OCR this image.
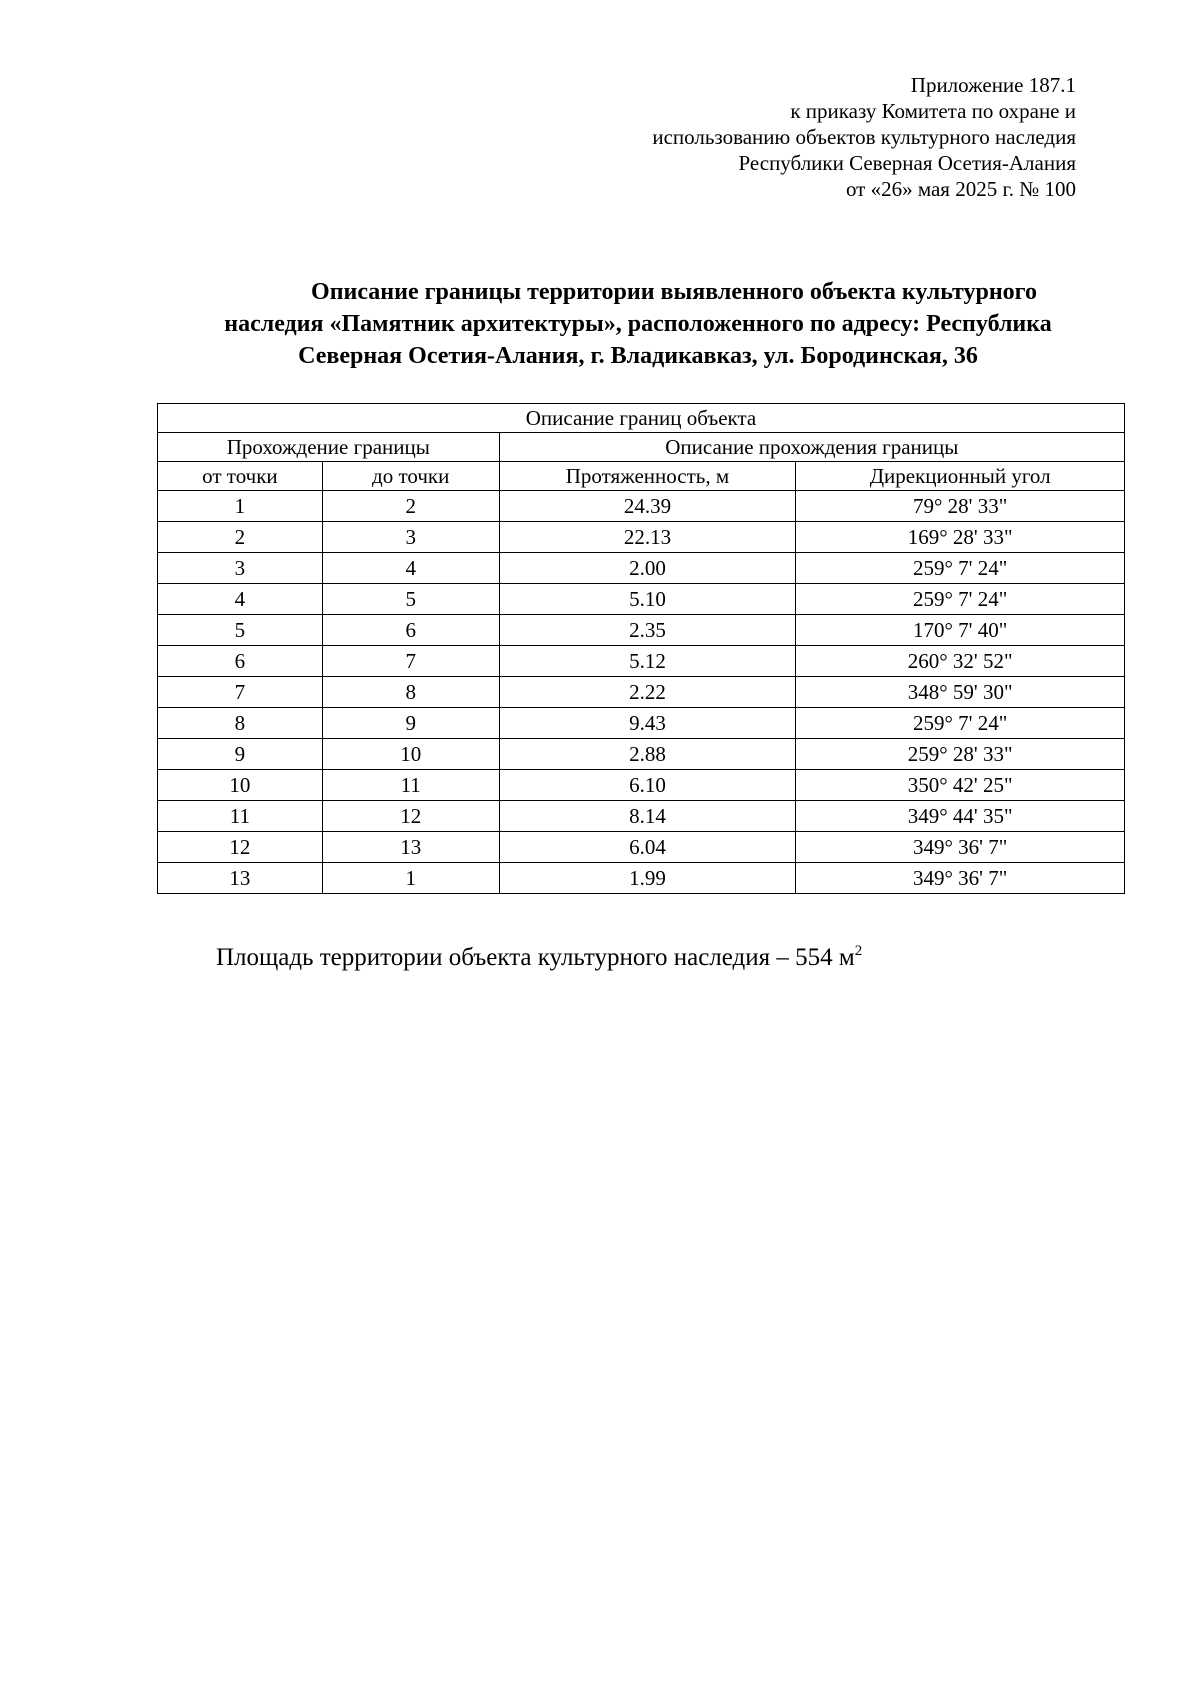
Приложение 187.1
к приказу Комитета по охране и
использованию объектов культурного наследия
Республики Северная Осетия-Алания
от «26» мая 2025 г. № 100
Описание границы территории выявленного объекта культурного
наследия «Памятник архитектуры», расположенного по адресу: Республика
Северная Осетия-Алания, г. Владикавказ, ул. Бородинская, 36
Описание границ объекта			
Прохождение границы		Описание прохождения границы	
от точки	до точки	Протяженность, м	Дирекционный угол
1	2	24.39	79° 28' 33"
2	3	22.13	169° 28' 33"
3	4	2.00	259° 7' 24"
4	5	5.10	259° 7' 24"
5	6	2.35	170° 7' 40"
6	7	5.12	260° 32' 52"
7	8	2.22	348° 59' 30"
8	9	9.43	259° 7' 24"
9	10	2.88	259° 28' 33"
10	11	6.10	350° 42' 25"
11	12	8.14	349° 44' 35"
12	13	6.04	349° 36' 7"
13	1	1.99	349° 36' 7"
Площадь территории объекта культурного наследия – 554 $м^2$
